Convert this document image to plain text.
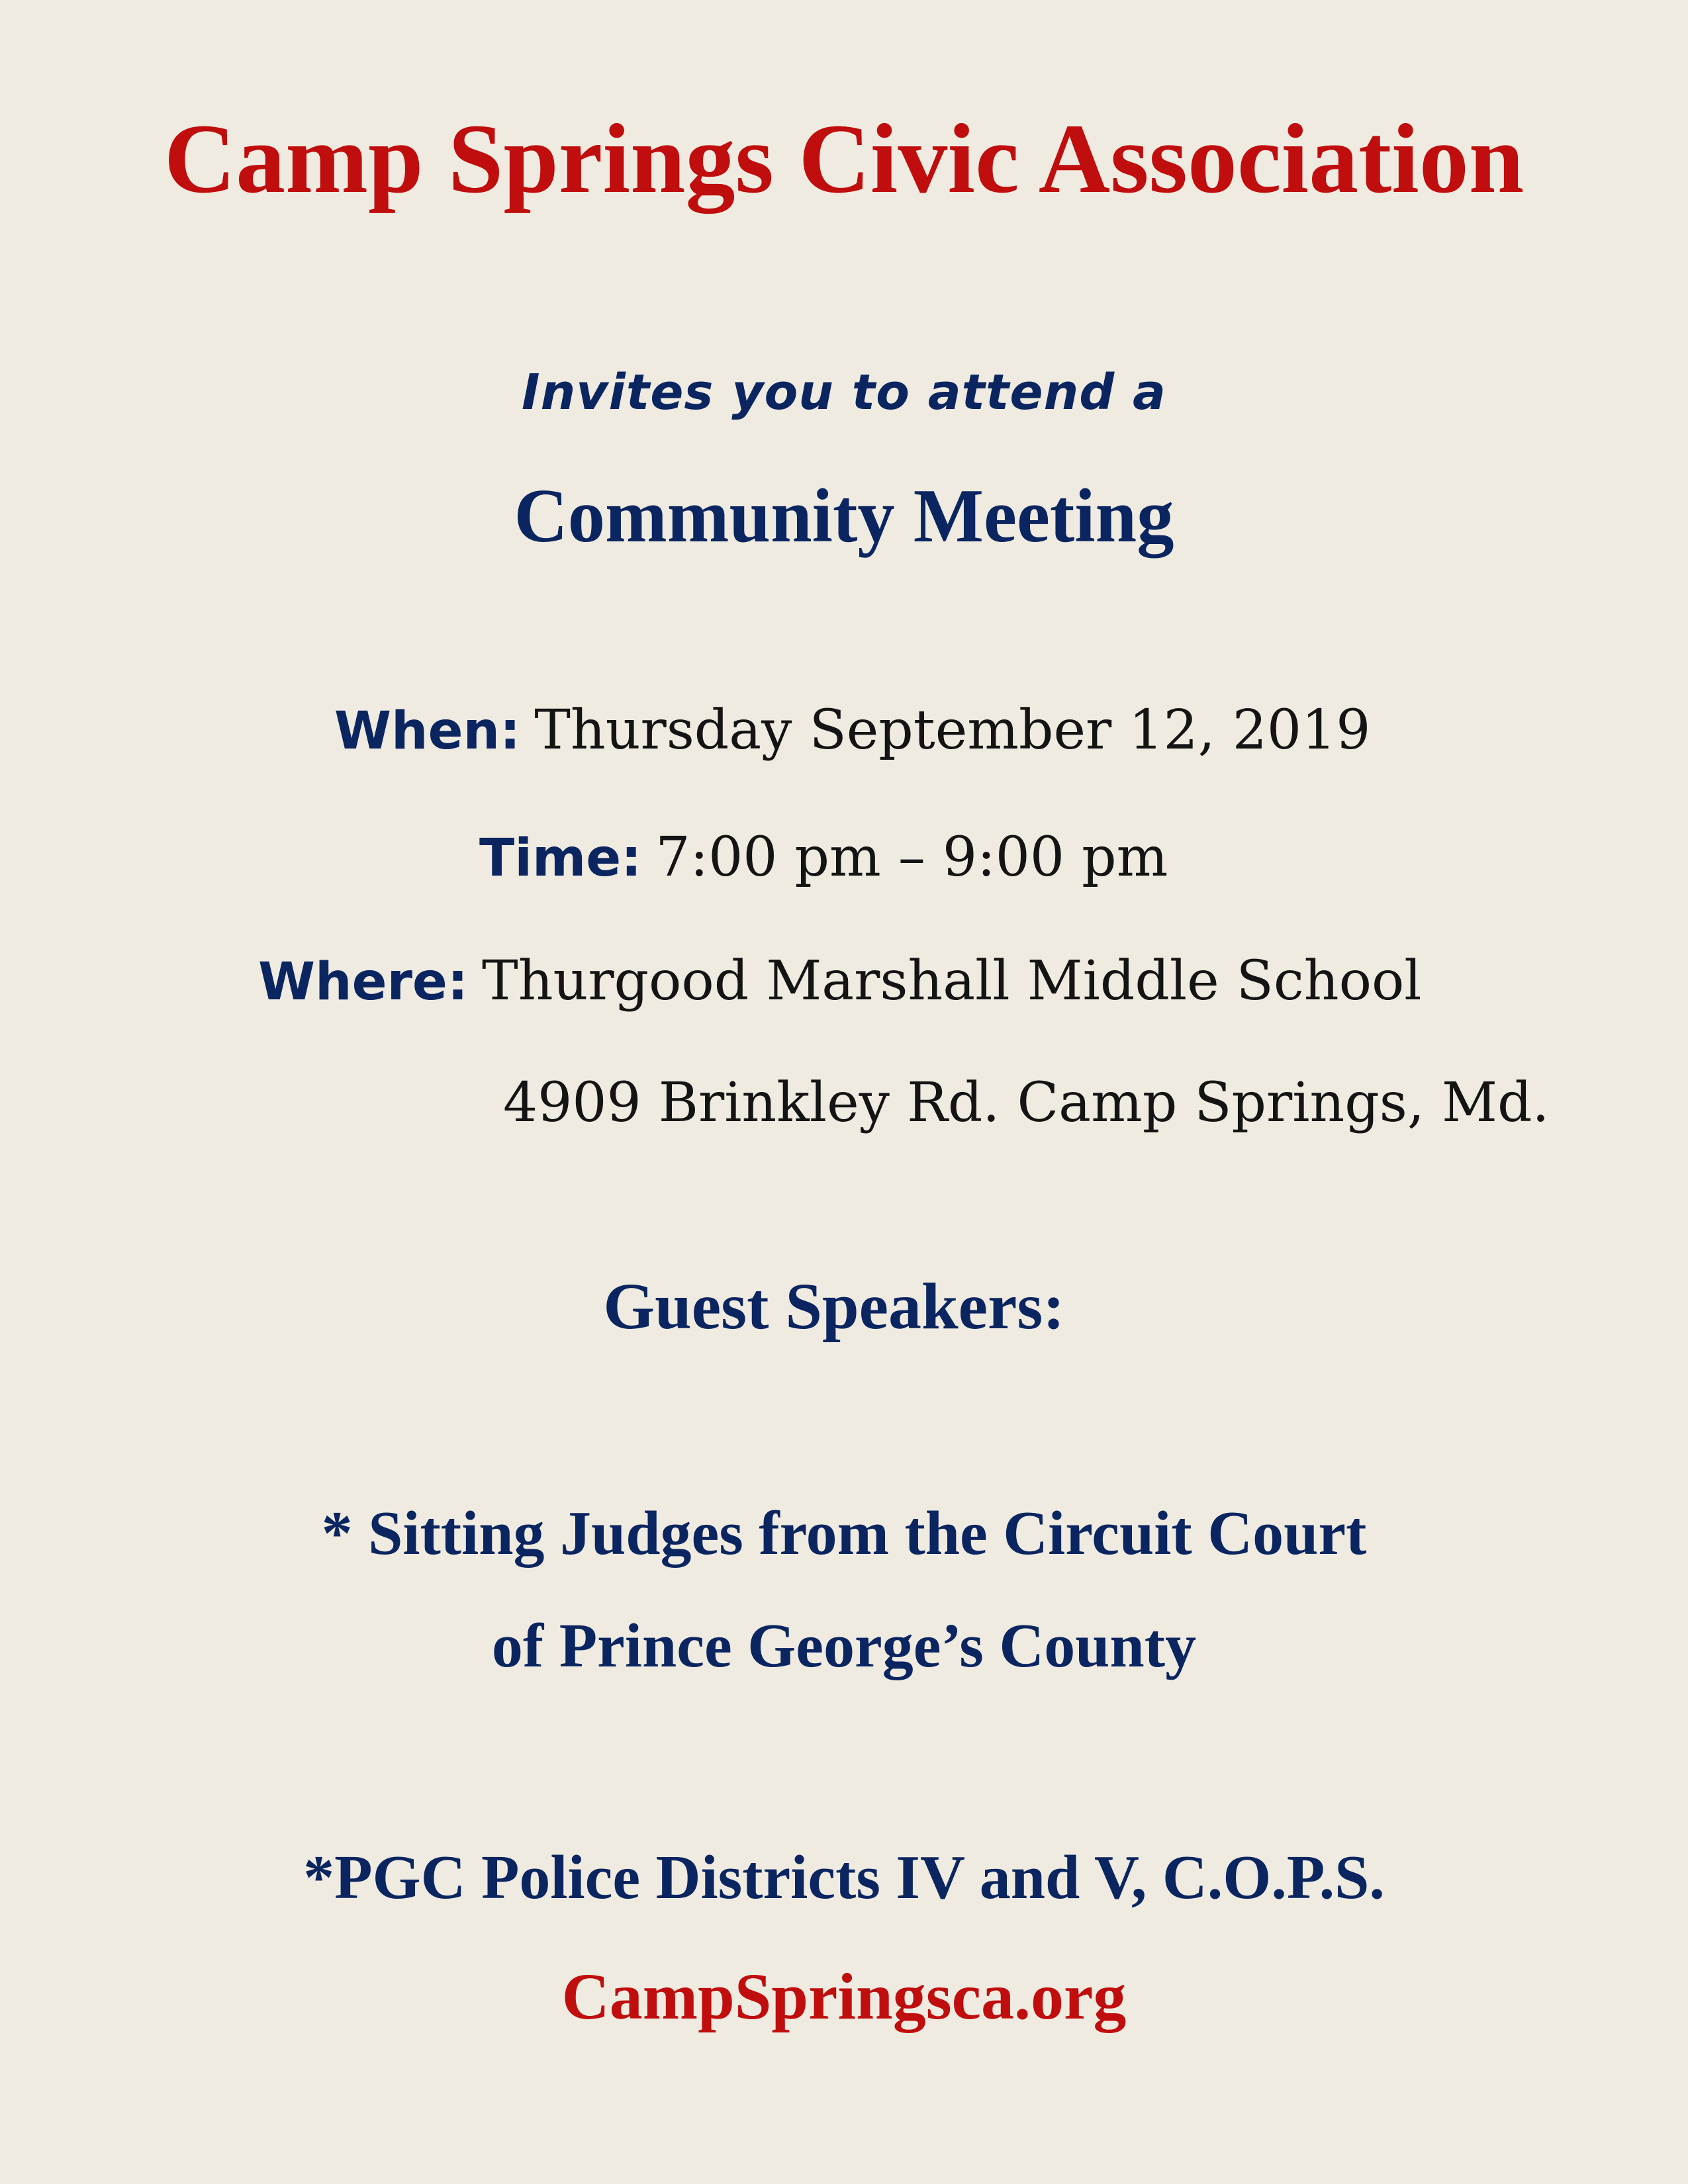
Camp Springs Civic Association
Invites you to attend a
Community Meeting
When: Thursday September 12, 2019
Time: 7:00 pm – 9:00 pm
Where: Thurgood Marshall Middle School
4909 Brinkley Rd. Camp Springs, Md.
Guest Speakers:
* Sitting Judges from the Circuit Court
of Prince George’s County
*PGC Police Districts IV and V, C.O.P.S.
CampSpringsca.org
